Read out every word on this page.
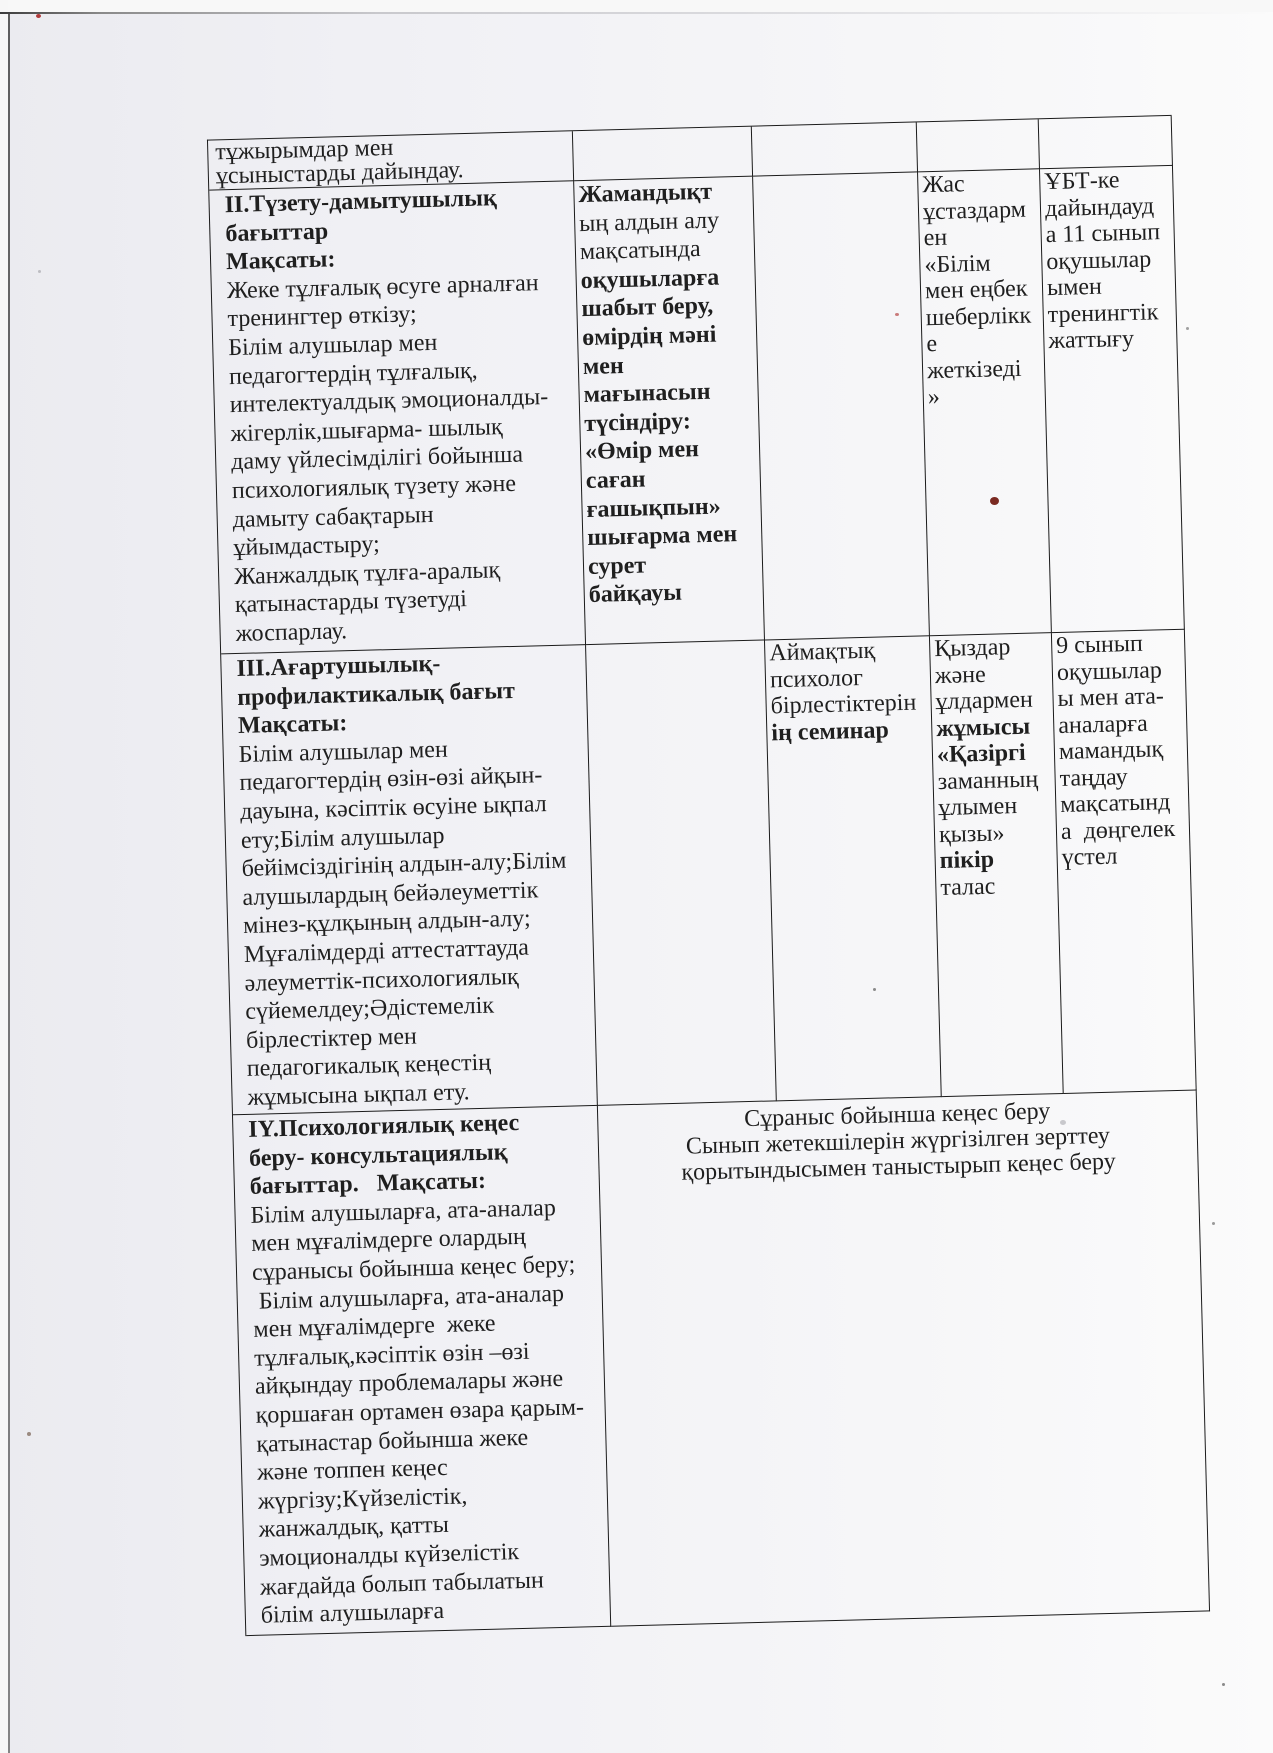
тұжырымдар мен
ұсыныстарды дайындау.
II.Түзету-дамытушылық
бағыттар
Мақсаты:
Жеке тұлғалық өсуге арналған
тренингтер өткізу;
Білім алушылар мен
педагогтердің тұлғалық,
интелектуалдық эмоционалды-
жігерлік,шығарма- шылық
даму үйлесімділігі бойынша
психологиялық түзету және
дамыту сабақтарын
ұйымдастыру;
Жанжалдық тұлға-аралық
қатынастарды түзетуді
жоспарлау.
Жамандықт
ың алдын алу
мақсатында
оқушыларға
шабыт беру,
өмірдің мәні
мен
мағынасын
түсіндіру:
«Өмір мен
саған
ғашықпын»
шығарма мен
сурет
байқауы
Жас
ұстаздарм
ен
«Білім
мен еңбек
шеберлікк
е
жеткізеді
»
ҰБТ-ке
дайындауд
а 11 сынып
оқушылар
ымен
тренингтік
жаттығу
III.Ағартушылық-
профилактикалық бағыт
Мақсаты:
Білім алушылар мен
педагогтердің өзін-өзі айқын-
дауына, кәсіптік өсуіне ықпал
ету;Білім алушылар
бейімсіздігінің алдын-алу;Білім
алушылардың бейәлеуметтік
мінез-құлқының алдын-алу;
Мұғалімдерді аттестаттауда
әлеуметтік-психологиялық
сүйемелдеу;Әдістемелік
бірлестіктер мен
педагогикалық кеңестің
жұмысына ықпал ету.
Аймақтық
психолог
бірлестіктерін
ің семинар
Қыздар
және
ұлдармен
жұмысы
«Қазіргі
заманның
ұлымен
қызы»
пікір
талас
9 сынып
оқушылар
ы мен ата-
аналарға
мамандық
таңдау
мақсатынд
а  дөңгелек
үстел
IY.Психологиялық кеңес
беру- консультациялық
бағыттар.   Мақсаты:
Білім алушыларға, ата-аналар
мен мұғалімдерге олардың
сұранысы бойынша кеңес беру;
Білім алушыларға, ата-аналар
мен мұғалімдерге  жеке
тұлғалық,кәсіптік өзін –өзі
айқындау проблемалары және
қоршаған ортамен өзара қарым-
қатынастар бойынша жеке
және топпен кеңес
жүргізу;Күйзелістік,
жанжалдық, қатты
эмоционалды күйзелістік
жағдайда болып табылатын
білім алушыларға
Сұраныс бойынша кеңес беру
Сынып жетекшілерін жүргізілген зерттеу
қорытындысымен таныстырып кеңес беру
